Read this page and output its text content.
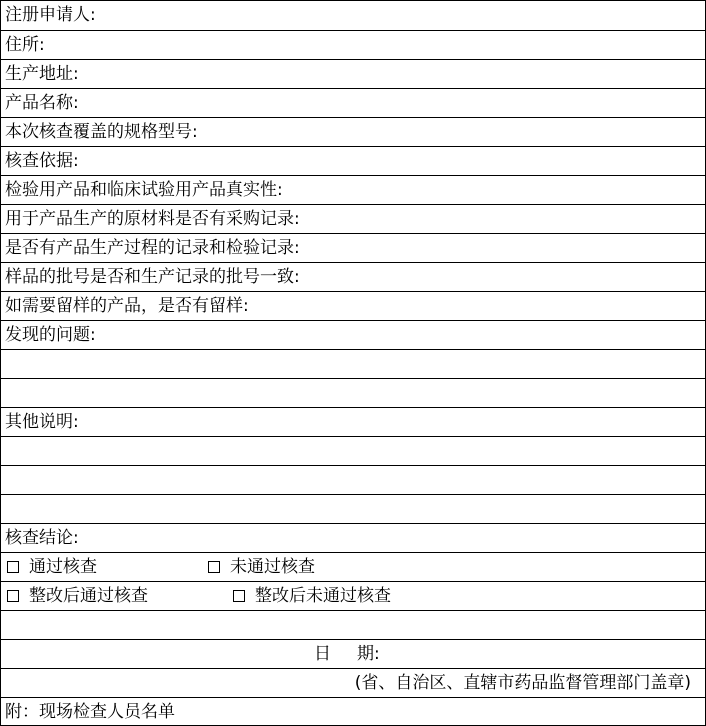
注册申请人:
住所:
生产地址:
产品名称:
本次核查覆盖的规格型号:
核查依据:
检验用产品和临床试验用产品真实性:
用于产品生产的原材料是否有采购记录:
是否有产品生产过程的记录和检验记录:
样品的批号是否和生产记录的批号一致:
如需要留样的产品，是否有留样:
发现的问题:
其他说明:
核查结论:
通过核查	未通过核查
整改后通过核查	整改后未通过核查
日 期:
(省、自治区、直辖市药品监督管理部门盖章)
附：现场检查人员名单
